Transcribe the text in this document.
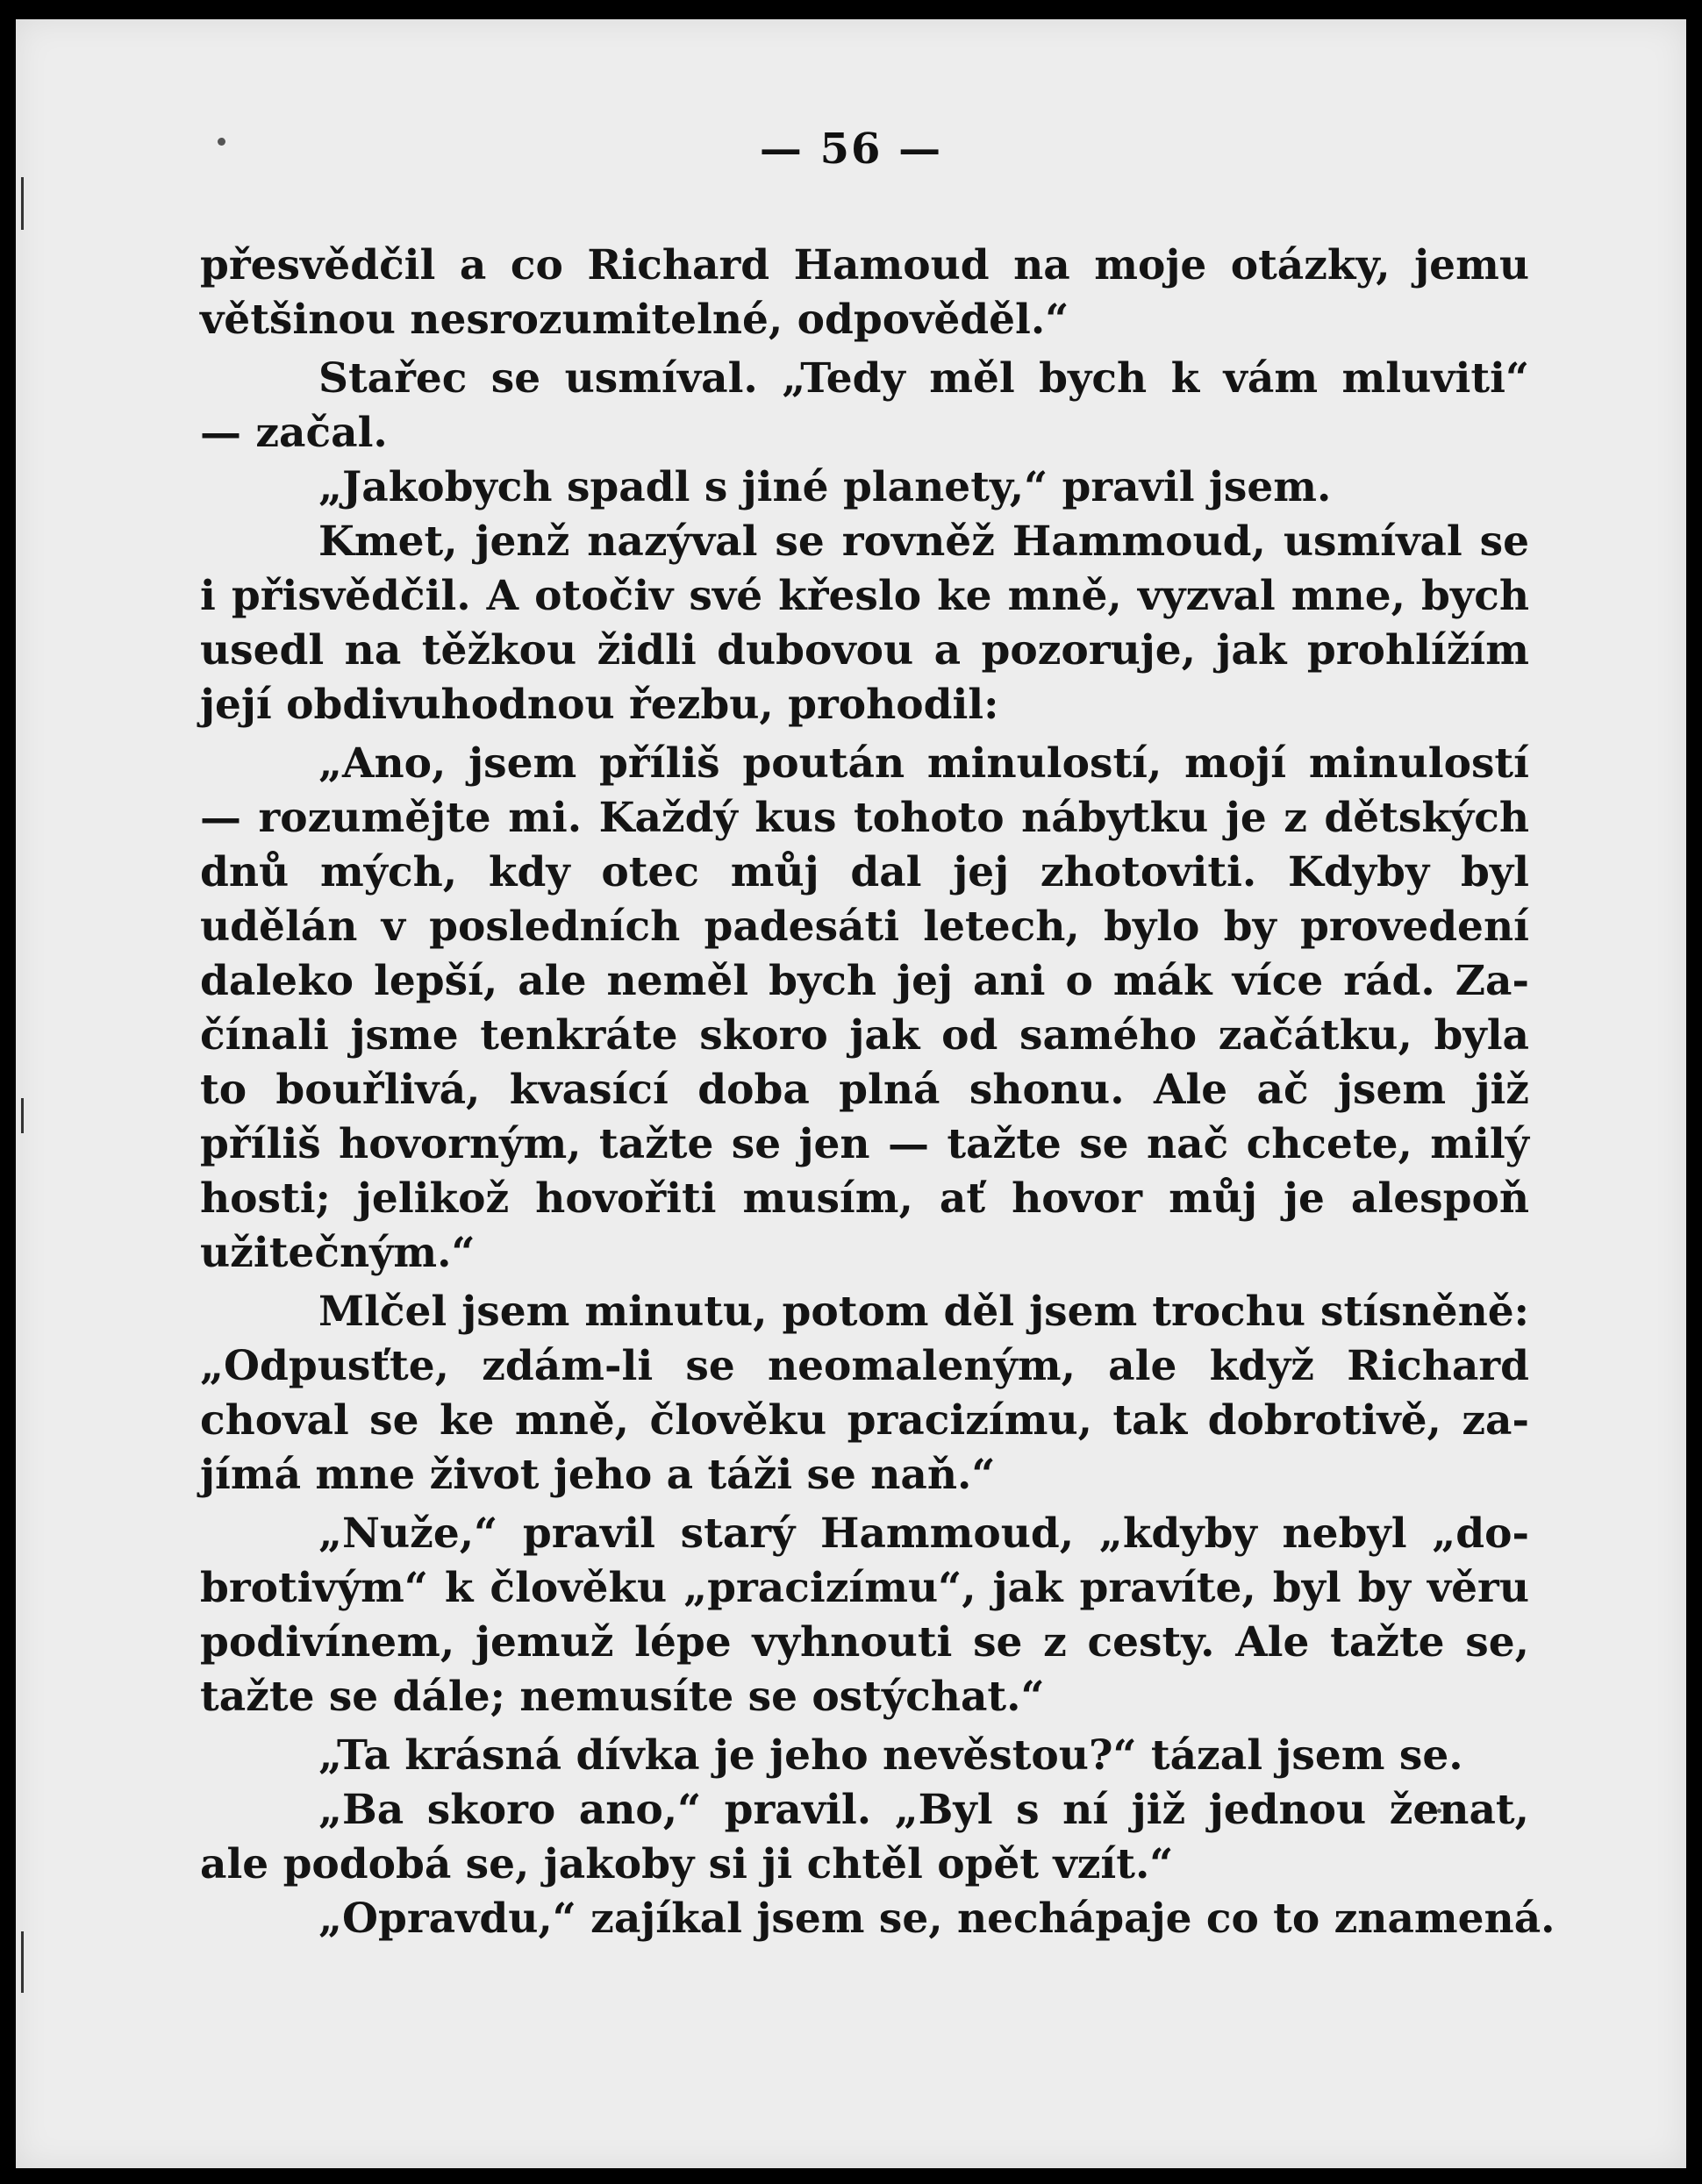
— 56 —
přesvědčil a co Richard Hamoud na moje otázky, jemu
většinou nesrozumitelné, odpověděl.“
Stařec se usmíval. „Tedy měl bych k vám mluviti“
— začal.
„Jakobych spadl s jiné planety,“ pravil jsem.
Kmet, jenž nazýval se rovněž Hammoud, usmíval se
i přisvědčil. A otočiv své křeslo ke mně, vyzval mne, bych
usedl na těžkou židli dubovou a pozoruje, jak prohlížím
její obdivuhodnou řezbu, prohodil:
„Ano, jsem příliš poután minulostí, mojí minulostí
— rozumějte mi. Každý kus tohoto nábytku je z dětských
dnů mých, kdy otec můj dal jej zhotoviti. Kdyby byl
udělán v posledních padesáti letech, bylo by provedení
daleko lepší, ale neměl bych jej ani o mák více rád. Za-
čínali jsme tenkráte skoro jak od samého začátku, byla
to bouřlivá, kvasící doba plná shonu. Ale ač jsem již
příliš hovorným, tažte se jen — tažte se nač chcete, milý
hosti; jelikož hovořiti musím, ať hovor můj je alespoň
užitečným.“
Mlčel jsem minutu, potom děl jsem trochu stísněně:
„Odpusťte, zdám-li se neomaleným, ale když Richard
choval se ke mně, člověku pracizímu, tak dobrotivě, za-
jímá mne život jeho a táži se naň.“
„Nuže,“ pravil starý Hammoud, „kdyby nebyl „do-
brotivým“ k člověku „pracizímu“, jak pravíte, byl by věru
podivínem, jemuž lépe vyhnouti se z cesty. Ale tažte se,
tažte se dále; nemusíte se ostýchat.“
„Ta krásná dívka je jeho nevěstou?“ tázal jsem se.
„Ba skoro ano,“ pravil. „Byl s ní již jednou ženat,
ale podobá se, jakoby si ji chtěl opět vzít.“
„Opravdu,“ zajíkal jsem se, nechápaje co to znamená.
